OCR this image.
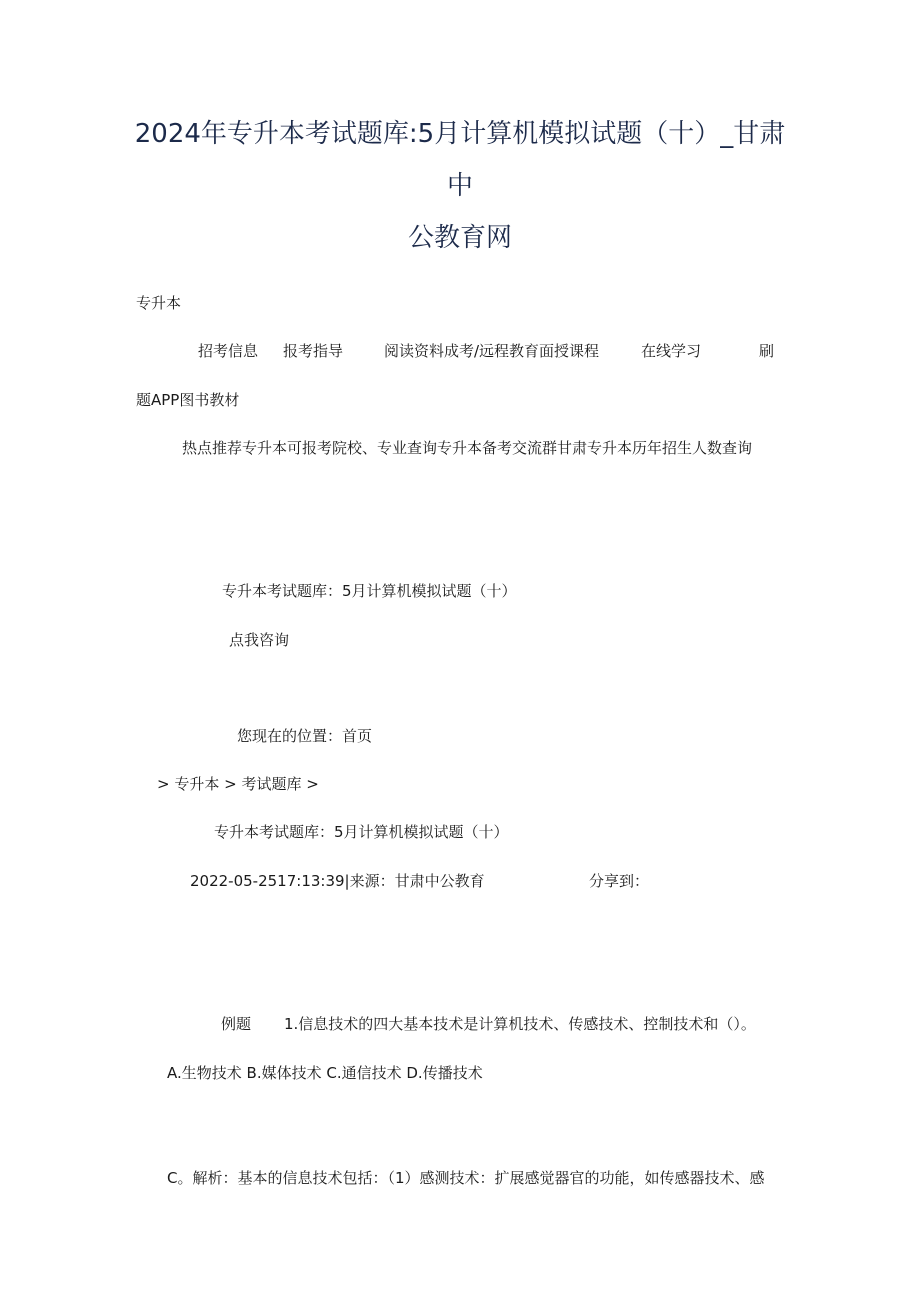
2024年专升本考试题库:5月计算机模拟试题（十）_甘肃
中
公教育网
专升本
招考信息 报考指导	阅读资料成考/远程教育面授课程	在线学习	刷
题APP图书教材
热点推荐专升本可报考院校、专业查询专升本备考交流群甘肃专升本历年招生人数查询
专升本考试题库：5月计算机模拟试题（十）
点我咨询
您现在的位置：首页
> 专升本 > 考试题库 >
专升本考试题库：5月计算机模拟试题（十）
2022-05-2517:13:39|来源：甘肃中公教育	分享到：
例题 1.信息技术的四大基本技术是计算机技术、传感技术、控制技术和（）。
A.生物技术 B.媒体技术 C.通信技术 D.传播技术
C。解析：基本的信息技术包括：（1）感测技术：扩展感觉器官的功能，如传感器技术、感
